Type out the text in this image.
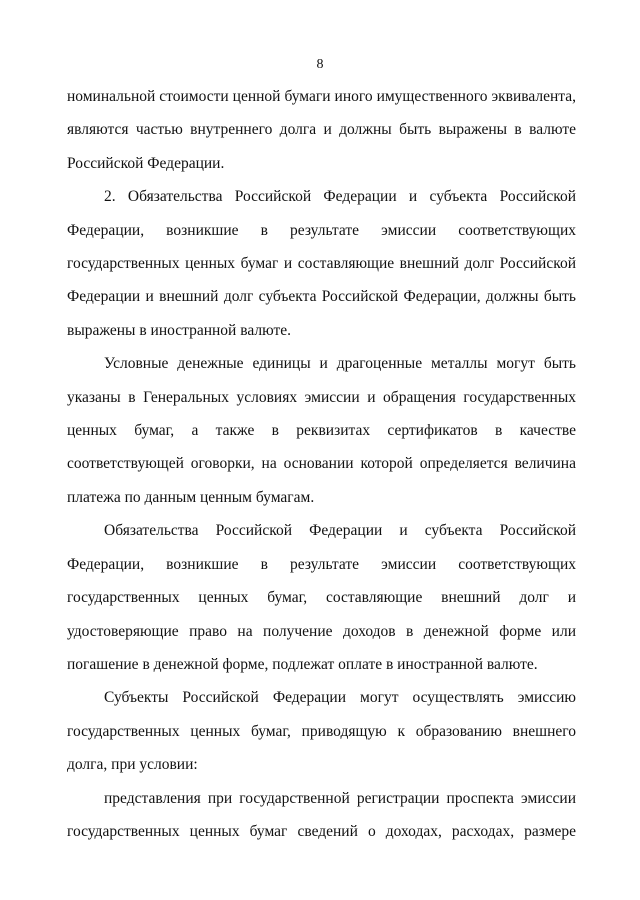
8

номинальной стоимости ценной бумаги иного имущественного эквивалента, являются частью внутреннего долга и должны быть выражены в валюте Российской Федерации.

2. Обязательства Российской Федерации и субъекта Российской Федерации, возникшие в результате эмиссии соответствующих государственных ценных бумаг и составляющие внешний долг Российской Федерации и внешний долг субъекта Российской Федерации, должны быть выражены в иностранной валюте.

Условные денежные единицы и драгоценные металлы могут быть указаны в Генеральных условиях эмиссии и обращения государственных ценных бумаг, а также в реквизитах сертификатов в качестве соответствующей оговорки, на основании которой определяется величина платежа по данным ценным бумагам.

Обязательства Российской Федерации и субъекта Российской Федерации, возникшие в результате эмиссии соответствующих государственных ценных бумаг, составляющие внешний долг и удостоверяющие право на получение доходов в денежной форме или погашение в денежной форме, подлежат оплате в иностранной валюте.

Субъекты Российской Федерации могут осуществлять эмиссию государственных ценных бумаг, приводящую к образованию внешнего долга, при условии:

представления при государственной регистрации проспекта эмиссии государственных ценных бумаг сведений о доходах, расходах, размере
